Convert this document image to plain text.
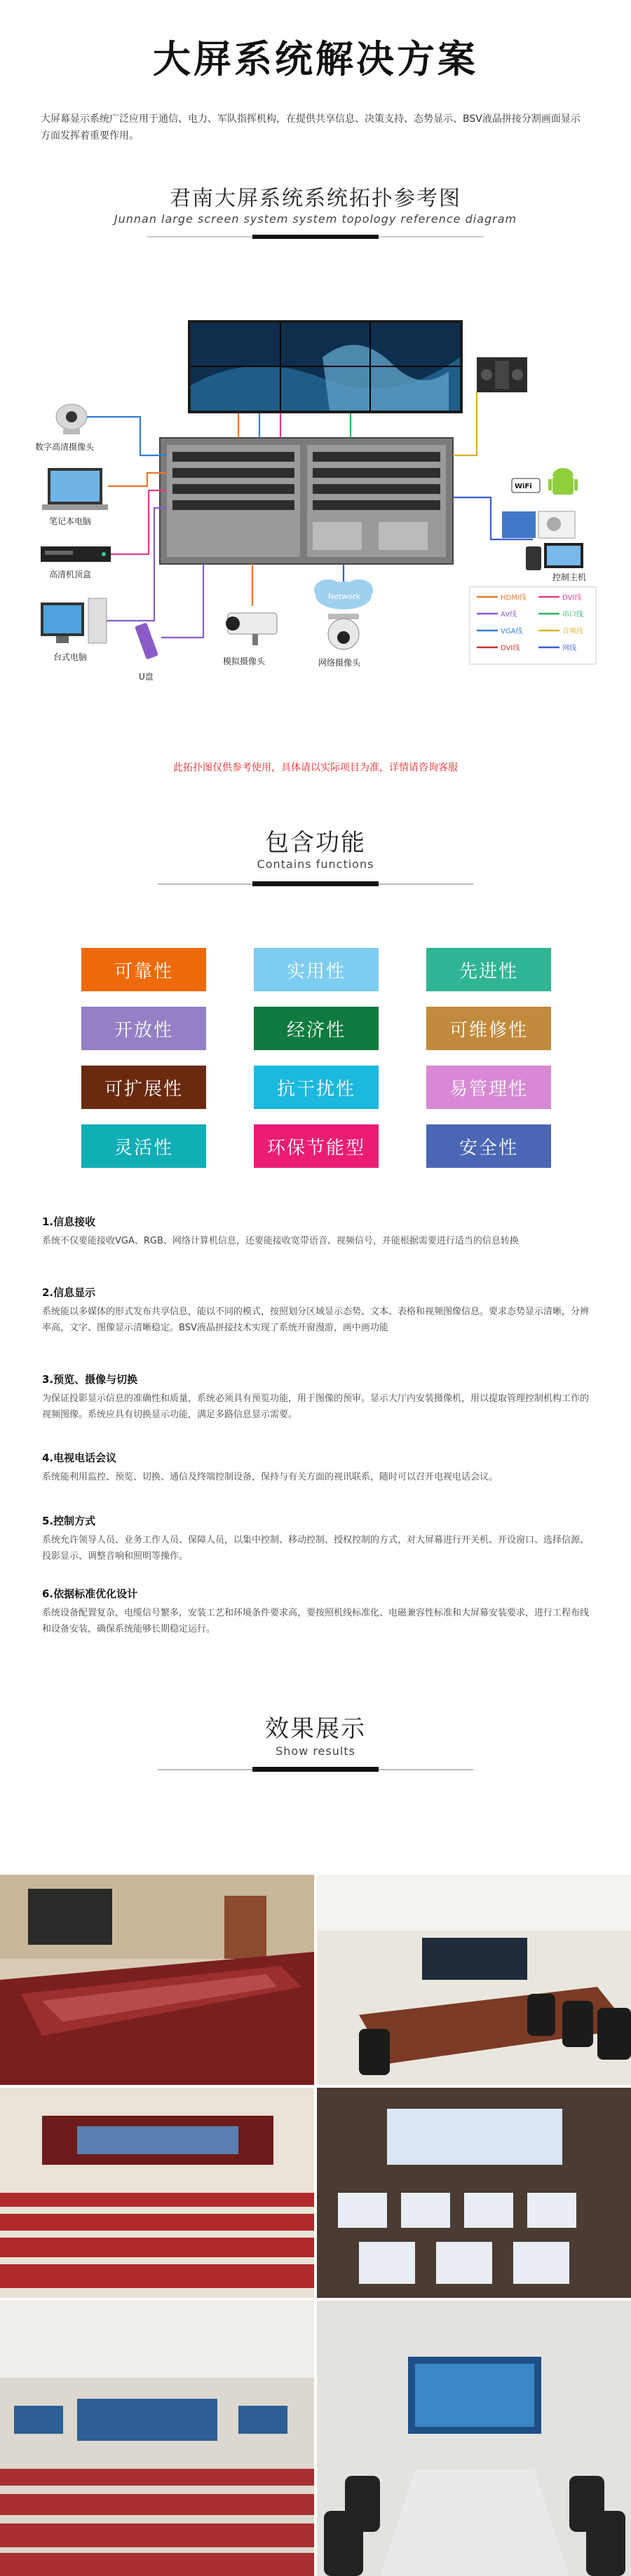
大屏系统解决方案

大屏幕显示系统广泛应用于通信、电力、军队指挥机构，在提供共享信息、决策支持、态势显示、BSV液晶拼接分割画面显示方面发挥着重要作用。

君南大屏系统系统拓扑参考图
Junnan large screen system system topology reference diagram
数字高清摄像头
笔记本电脑
高清机顶盒
台式电脑
Network
U盘
模拟摄像头	网络摄像头
WiFi
控制主机
HDMI线	DVI线
AV线	串口线
VGA线	音频线
DVI线	网线
此拓扑图仅供参考使用，具体请以实际项目为准，详情请咨询客服
包含功能
Contains functions
可靠性	实用性	先进性
开放性	经济性	可维修性
可扩展性	抗干扰性	易管理性
灵活性	环保节能型	安全性
1.信息接收

系统不仅要能接收VGA、RGB、网络计算机信息，还要能接收宽带语音、视频信号，并能根据需要进行适当的信息转换

2.信息显示

系统能以多媒体的形式发布共享信息，能以不同的模式，按照划分区域显示态势、文本、表格和视频图像信息。要求态势显示清晰，分辨率高，文字、图像显示清晰稳定。BSV液晶拼接技术实现了系统开窗漫游，画中画功能

3.预览、摄像与切换

为保证投影显示信息的准确性和质量，系统必须具有预览功能，用于图像的预审。显示大厅内安装摄像机，用以提取管理控制机构工作的视频图像。系统应具有切换显示功能，满足多路信息显示需要。

4.电视电话会议

系统能利用监控、预览、切换、通信及终端控制设备，保持与有关方面的视讯联系，随时可以召开电视电话会议。

5.控制方式

系统允许领导人员、业务工作人员、保障人员，以集中控制、移动控制、授权控制的方式，对大屏幕进行开关机、开设窗口、选择信源、投影显示、调整音响和照明等操作。

6.依据标准优化设计

系统设备配置复杂，电缆信号繁多，安装工艺和环境条件要求高，要按照机线标准化、电磁兼容性标准和大屏幕安装要求，进行工程布线和设备安装，确保系统能够长期稳定运行。

效果展示
Show results
